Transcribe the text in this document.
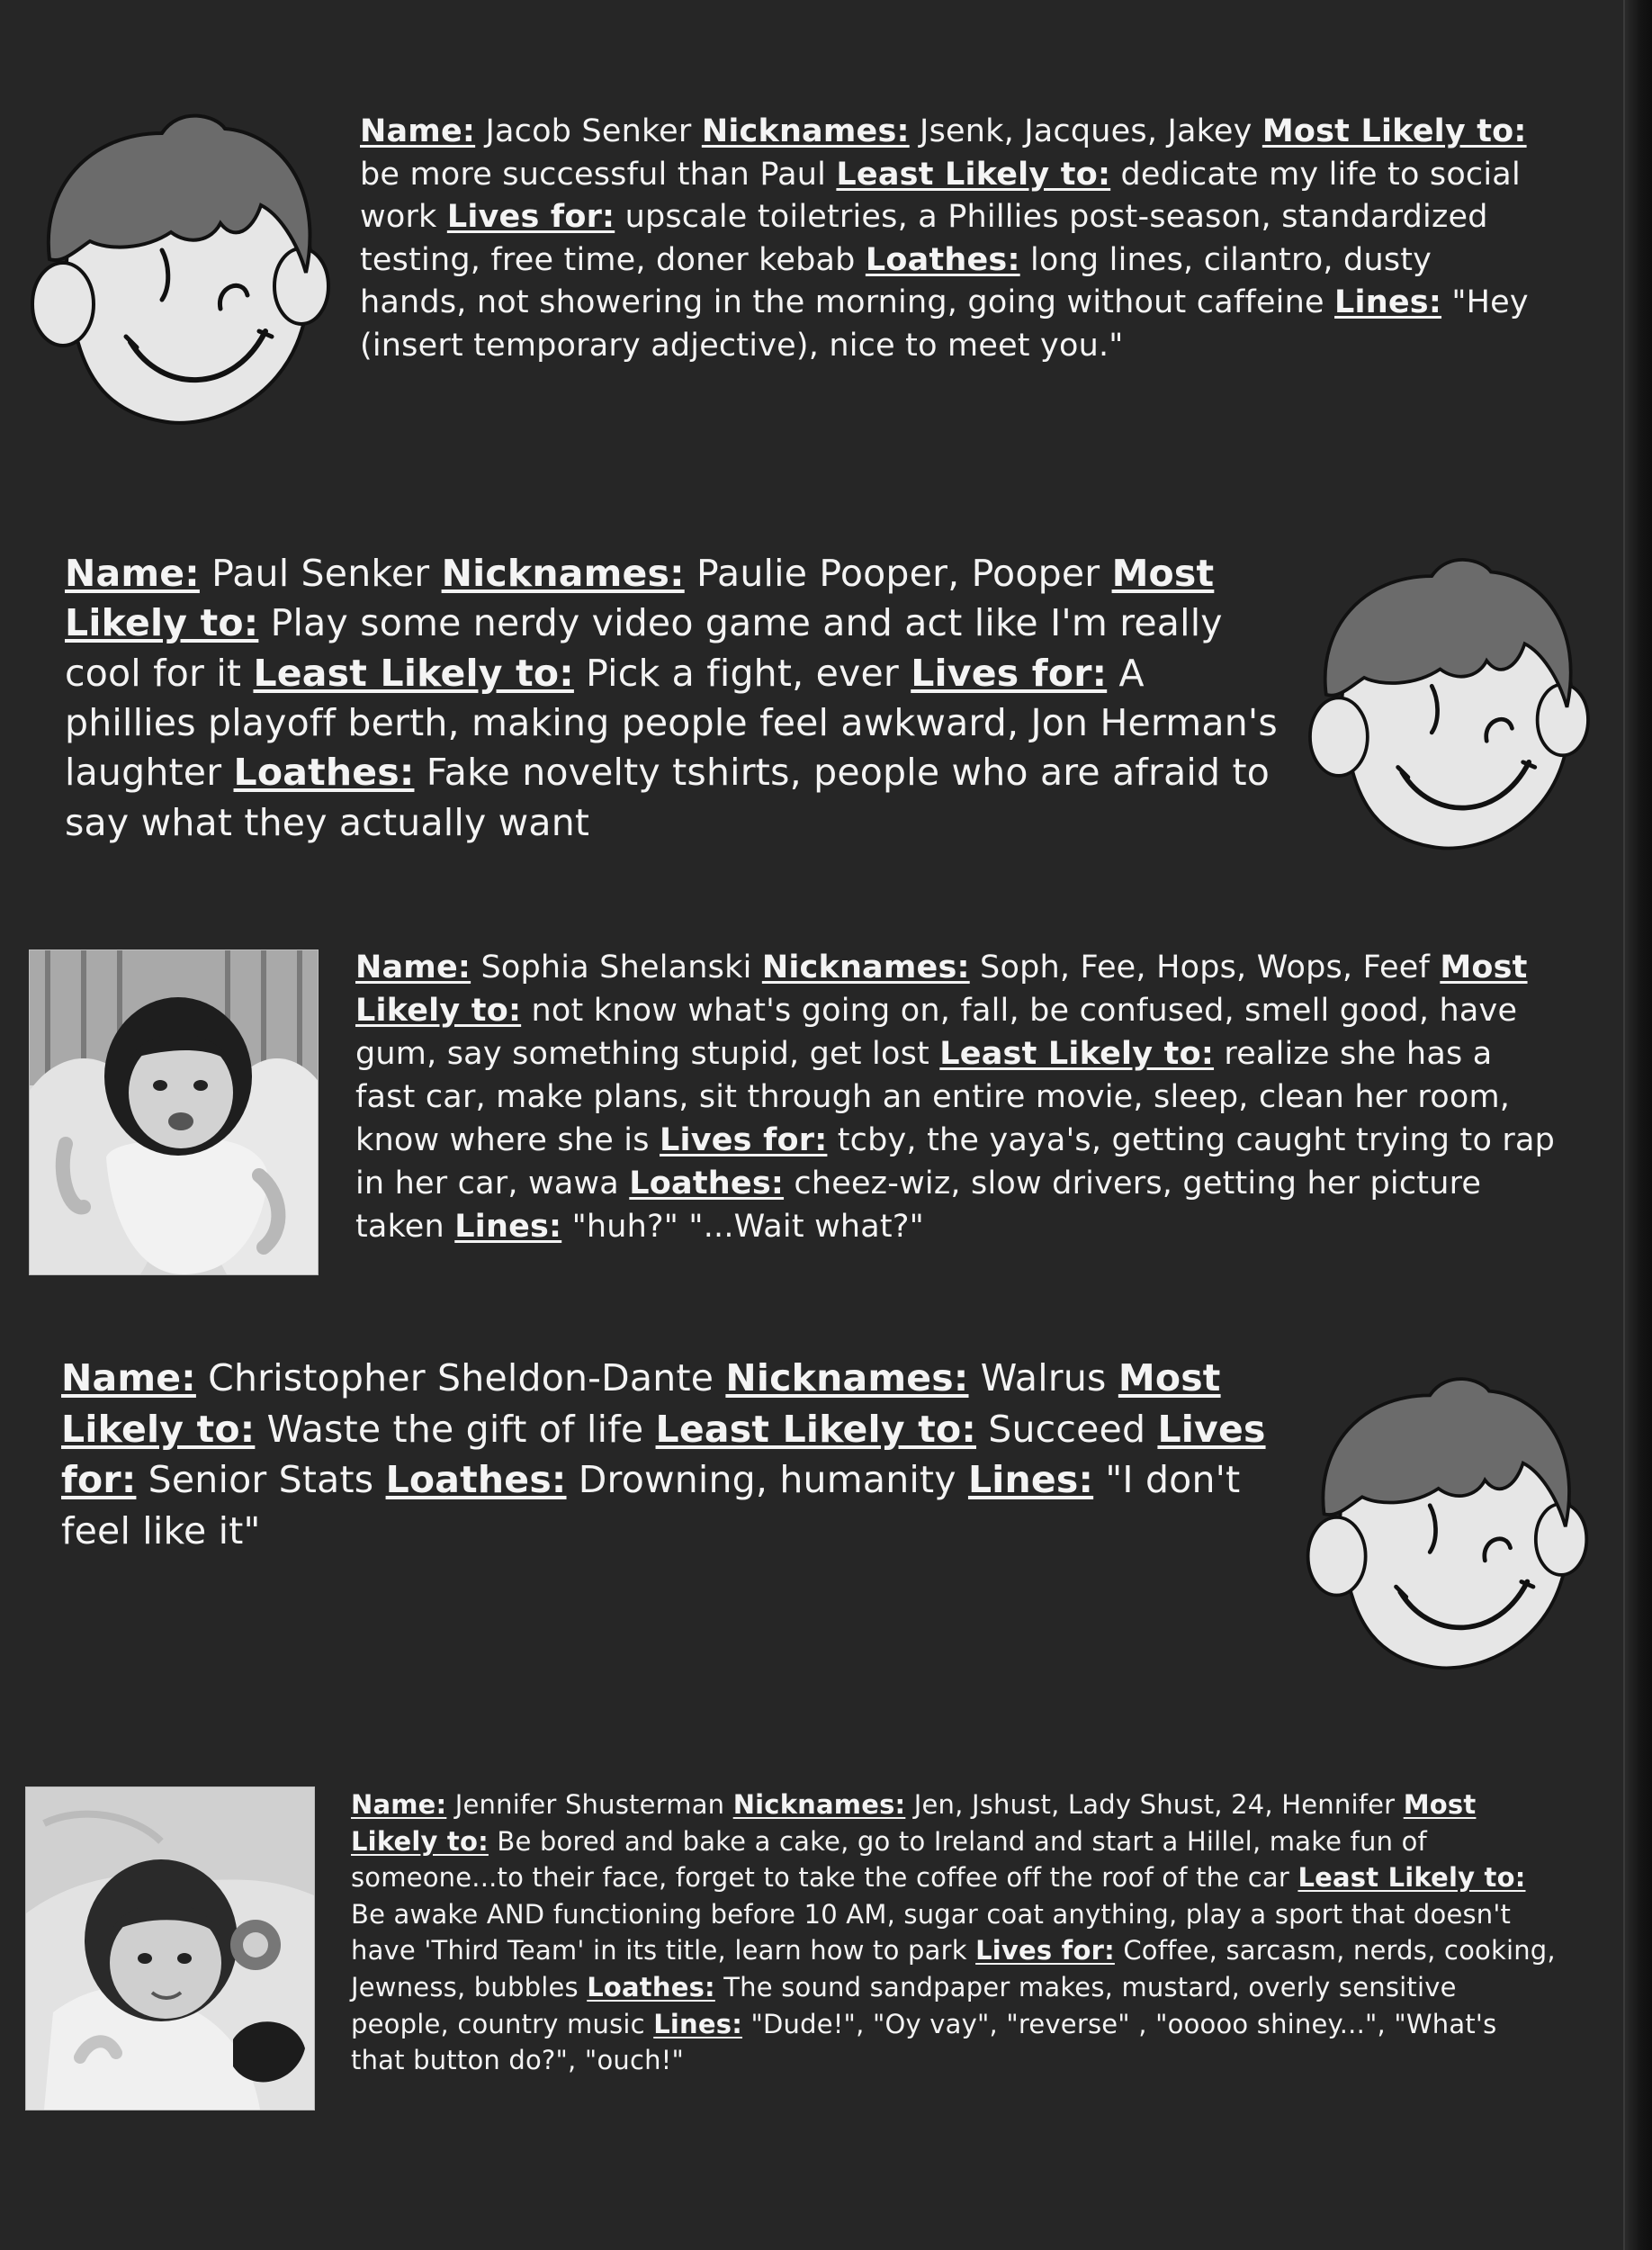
Name: Jacob Senker Nicknames: Jsenk, Jacques, Jakey Most Likely to: be more successful than Paul Least Likely to: dedicate my life to social work Lives for: upscale toiletries, a Phillies post-season, standardized testing, free time, doner kebab Loathes: long lines, cilantro, dusty hands, not showering in the morning, going without caffeine Lines: "Hey (insert temporary adjective), nice to meet you."
Name: Paul Senker Nicknames: Paulie Pooper, Pooper Most Likely to: Play some nerdy video game and act like I'm really cool for it Least Likely to: Pick a fight, ever Lives for: A phillies playoff berth, making people feel awkward, Jon Herman's laughter Loathes: Fake novelty tshirts, people who are afraid to say what they actually want
Name: Sophia Shelanski Nicknames: Soph, Fee, Hops, Wops, Feef Most Likely to: not know what's going on, fall, be confused, smell good, have gum, say something stupid, get lost Least Likely to: realize she has a fast car, make plans, sit through an entire movie, sleep, clean her room, know where she is Lives for: tcby, the yaya's, getting caught trying to rap in her car, wawa Loathes: cheez-wiz, slow drivers, getting her picture taken Lines: "huh?" "...Wait what?"
Name: Christopher Sheldon-Dante Nicknames: Walrus Most Likely to: Waste the gift of life Least Likely to: Succeed Lives for: Senior Stats Loathes: Drowning, humanity Lines: "I don't feel like it"
Name: Jennifer Shusterman Nicknames: Jen, Jshust, Lady Shust, 24, Hennifer Most Likely to: Be bored and bake a cake, go to Ireland and start a Hillel, make fun of someone...to their face, forget to take the coffee off the roof of the car Least Likely to: Be awake AND functioning before 10 AM, sugar coat anything, play a sport that doesn't have 'Third Team' in its title, learn how to park Lives for: Coffee, sarcasm, nerds, cooking, Jewness, bubbles Loathes: The sound sandpaper makes, mustard, overly sensitive people, country music Lines: "Dude!", "Oy vay", "reverse" , "ooooo shiney...", "What's that button do?", "ouch!"
